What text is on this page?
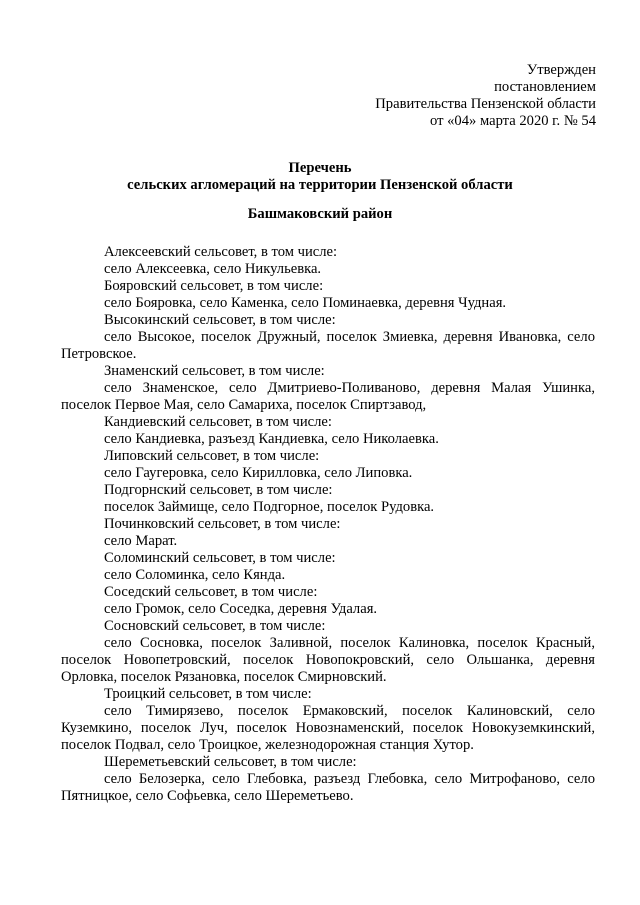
Утвержден
постановлением
Правительства Пензенской области
от «04» марта 2020 г. № 54
Перечень
сельских агломераций на территории Пензенской области
Башмаковский район
Алексеевский сельсовет, в том числе:
село Алексеевка, село Никульевка.
Бояровский сельсовет, в том числе:
село Бояровка, село Каменка, село Поминаевка, деревня Чудная.
Высокинский сельсовет, в том числе:
село Высокое, поселок Дружный, поселок Змиевка, деревня Ивановка, село Петровское.
Знаменский сельсовет, в том числе:
село Знаменское, село Дмитриево-Поливаново, деревня Малая Ушинка, поселок Первое Мая, село Самариха, поселок Спиртзавод,
Кандиевский сельсовет, в том числе:
село Кандиевка, разъезд Кандиевка, село Николаевка.
Липовский сельсовет, в том числе:
село Гаугеровка, село Кирилловка, село Липовка.
Подгорнский сельсовет, в том числе:
поселок Займище, село Подгорное, поселок Рудовка.
Починковский сельсовет, в том числе:
село Марат.
Соломинский сельсовет, в том числе:
село Соломинка, село Кянда.
Соседский сельсовет, в том числе:
село Громок, село Соседка, деревня Удалая.
Сосновский сельсовет, в том числе:
село Сосновка, поселок Заливной, поселок Калиновка, поселок Красный, поселок Новопетровский, поселок Новопокровский, село Ольшанка, деревня Орловка, поселок Рязановка, поселок Смирновский.
Троицкий сельсовет, в том числе:
село Тимирязево, поселок Ермаковский, поселок Калиновский, село Куземкино, поселок Луч, поселок Новознаменский, поселок Новокуземкинский, поселок Подвал, село Троицкое, железнодорожная станция Хутор.
Шереметьевский сельсовет, в том числе:
село Белозерка, село Глебовка, разъезд Глебовка, село Митрофаново, село Пятницкое, село Софьевка, село Шереметьево.
